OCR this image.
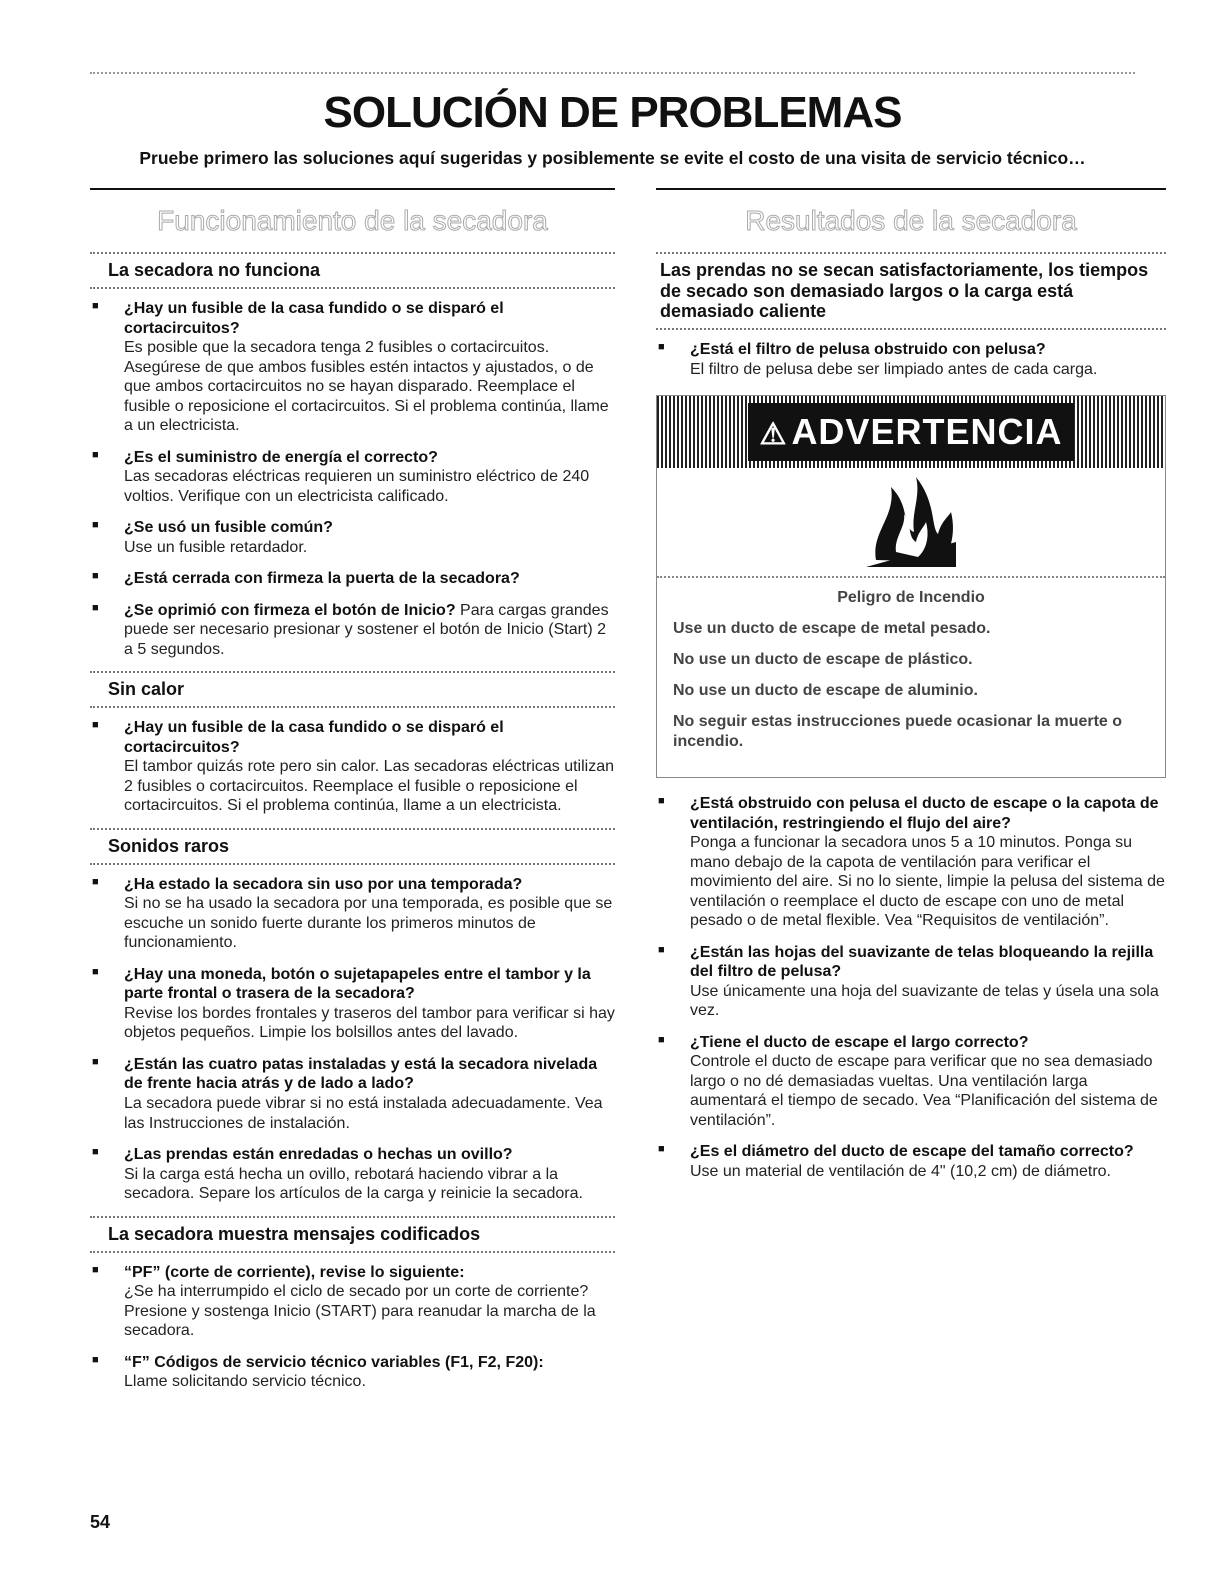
SOLUCIÓN DE PROBLEMAS

Pruebe primero las soluciones aquí sugeridas y posiblemente se evite el costo de una visita de servicio técnico…

Funcionamiento de la secadora
La secadora no funciona
■ ¿Hay un fusible de la casa fundido o se disparó el cortacircuitos?
Es posible que la secadora tenga 2 fusibles o cortacircuitos. Asegúrese de que ambos fusibles estén intactos y ajustados, o de que ambos cortacircuitos no se hayan disparado. Reemplace el fusible o reposicione el cortacircuitos. Si el problema continúa, llame a un electricista.
■ ¿Es el suministro de energía el correcto?
Las secadoras eléctricas requieren un suministro eléctrico de 240 voltios. Verifique con un electricista calificado.
■ ¿Se usó un fusible común?
Use un fusible retardador.
■ ¿Está cerrada con firmeza la puerta de la secadora?
■ ¿Se oprimió con firmeza el botón de Inicio? Para cargas grandes puede ser necesario presionar y sostener el botón de Inicio (Start) 2 a 5 segundos.
Sin calor
■ ¿Hay un fusible de la casa fundido o se disparó el cortacircuitos?
El tambor quizás rote pero sin calor. Las secadoras eléctricas utilizan 2 fusibles o cortacircuitos. Reemplace el fusible o reposicione el cortacircuitos. Si el problema continúa, llame a un electricista.
Sonidos raros
■ ¿Ha estado la secadora sin uso por una temporada?
Si no se ha usado la secadora por una temporada, es posible que se escuche un sonido fuerte durante los primeros minutos de funcionamiento.
■ ¿Hay una moneda, botón o sujetapapeles entre el tambor y la parte frontal o trasera de la secadora?
Revise los bordes frontales y traseros del tambor para verificar si hay objetos pequeños. Limpie los bolsillos antes del lavado.
■ ¿Están las cuatro patas instaladas y está la secadora nivelada de frente hacia atrás y de lado a lado?
La secadora puede vibrar si no está instalada adecuadamente. Vea las Instrucciones de instalación.
■ ¿Las prendas están enredadas o hechas un ovillo?
Si la carga está hecha un ovillo, rebotará haciendo vibrar a la secadora. Separe los artículos de la carga y reinicie la secadora.
La secadora muestra mensajes codificados
■ “PF” (corte de corriente), revise lo siguiente:
¿Se ha interrumpido el ciclo de secado por un corte de corriente? Presione y sostenga Inicio (START) para reanudar la marcha de la secadora.
■ “F” Códigos de servicio técnico variables (F1, F2, F20):
Llame solicitando servicio técnico.
Resultados de la secadora
Las prendas no se secan satisfactoriamente, los tiempos de secado son demasiado largos o la carga está demasiado caliente
■ ¿Está el filtro de pelusa obstruido con pelusa?
El filtro de pelusa debe ser limpiado antes de cada carga.
⚠ ADVERTENCIA

Peligro de Incendio

Use un ducto de escape de metal pesado.

No use un ducto de escape de plástico.

No use un ducto de escape de aluminio.

No seguir estas instrucciones puede ocasionar la muerte o incendio.

■ ¿Está obstruido con pelusa el ducto de escape o la capota de ventilación, restringiendo el flujo del aire?
Ponga a funcionar la secadora unos 5 a 10 minutos. Ponga su mano debajo de la capota de ventilación para verificar el movimiento del aire. Si no lo siente, limpie la pelusa del sistema de ventilación o reemplace el ducto de escape con uno de metal pesado o de metal flexible. Vea “Requisitos de ventilación”.
■ ¿Están las hojas del suavizante de telas bloqueando la rejilla del filtro de pelusa?
Use únicamente una hoja del suavizante de telas y úsela una sola vez.
■ ¿Tiene el ducto de escape el largo correcto?
Controle el ducto de escape para verificar que no sea demasiado largo o no dé demasiadas vueltas. Una ventilación larga aumentará el tiempo de secado. Vea “Planificación del sistema de ventilación”.
■ ¿Es el diámetro del ducto de escape del tamaño correcto?
Use un material de ventilación de 4" (10,2 cm) de diámetro.
54
